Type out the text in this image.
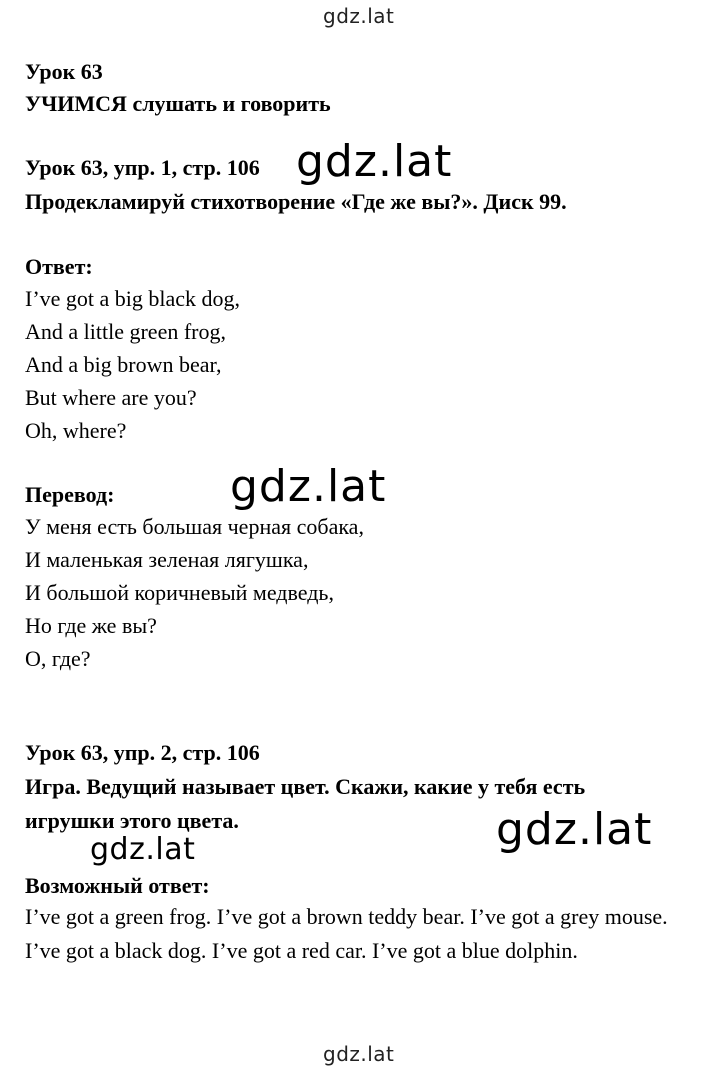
gdz.lat
Урок 63
УЧИМСЯ слушать и говорить
Урок 63, упр. 1, стр. 106 gdz.lat
Продекламируй стихотворение «Где же вы?». Диск 99.
Ответ:
I’ve got a big black dog,
And a little green frog,
And a big brown bear,
But where are you?
Oh, where?
Перевод:	gdz.lat
У меня есть большая черная собака,
И маленькая зеленая лягушка,
И большой коричневый медведь,
Но где же вы?
О, где?
Урок 63, упр. 2, стр. 106
Игра. Ведущий называет цвет. Скажи, какие у тебя есть
игрушки этого цвета.	gdz.lat
gdz.lat
Возможный ответ:
I’ve got a green frog. I’ve got a brown teddy bear. I’ve got a grey mouse. I’ve got a black dog. I’ve got a red car. I’ve got a blue dolphin.
gdz.lat
